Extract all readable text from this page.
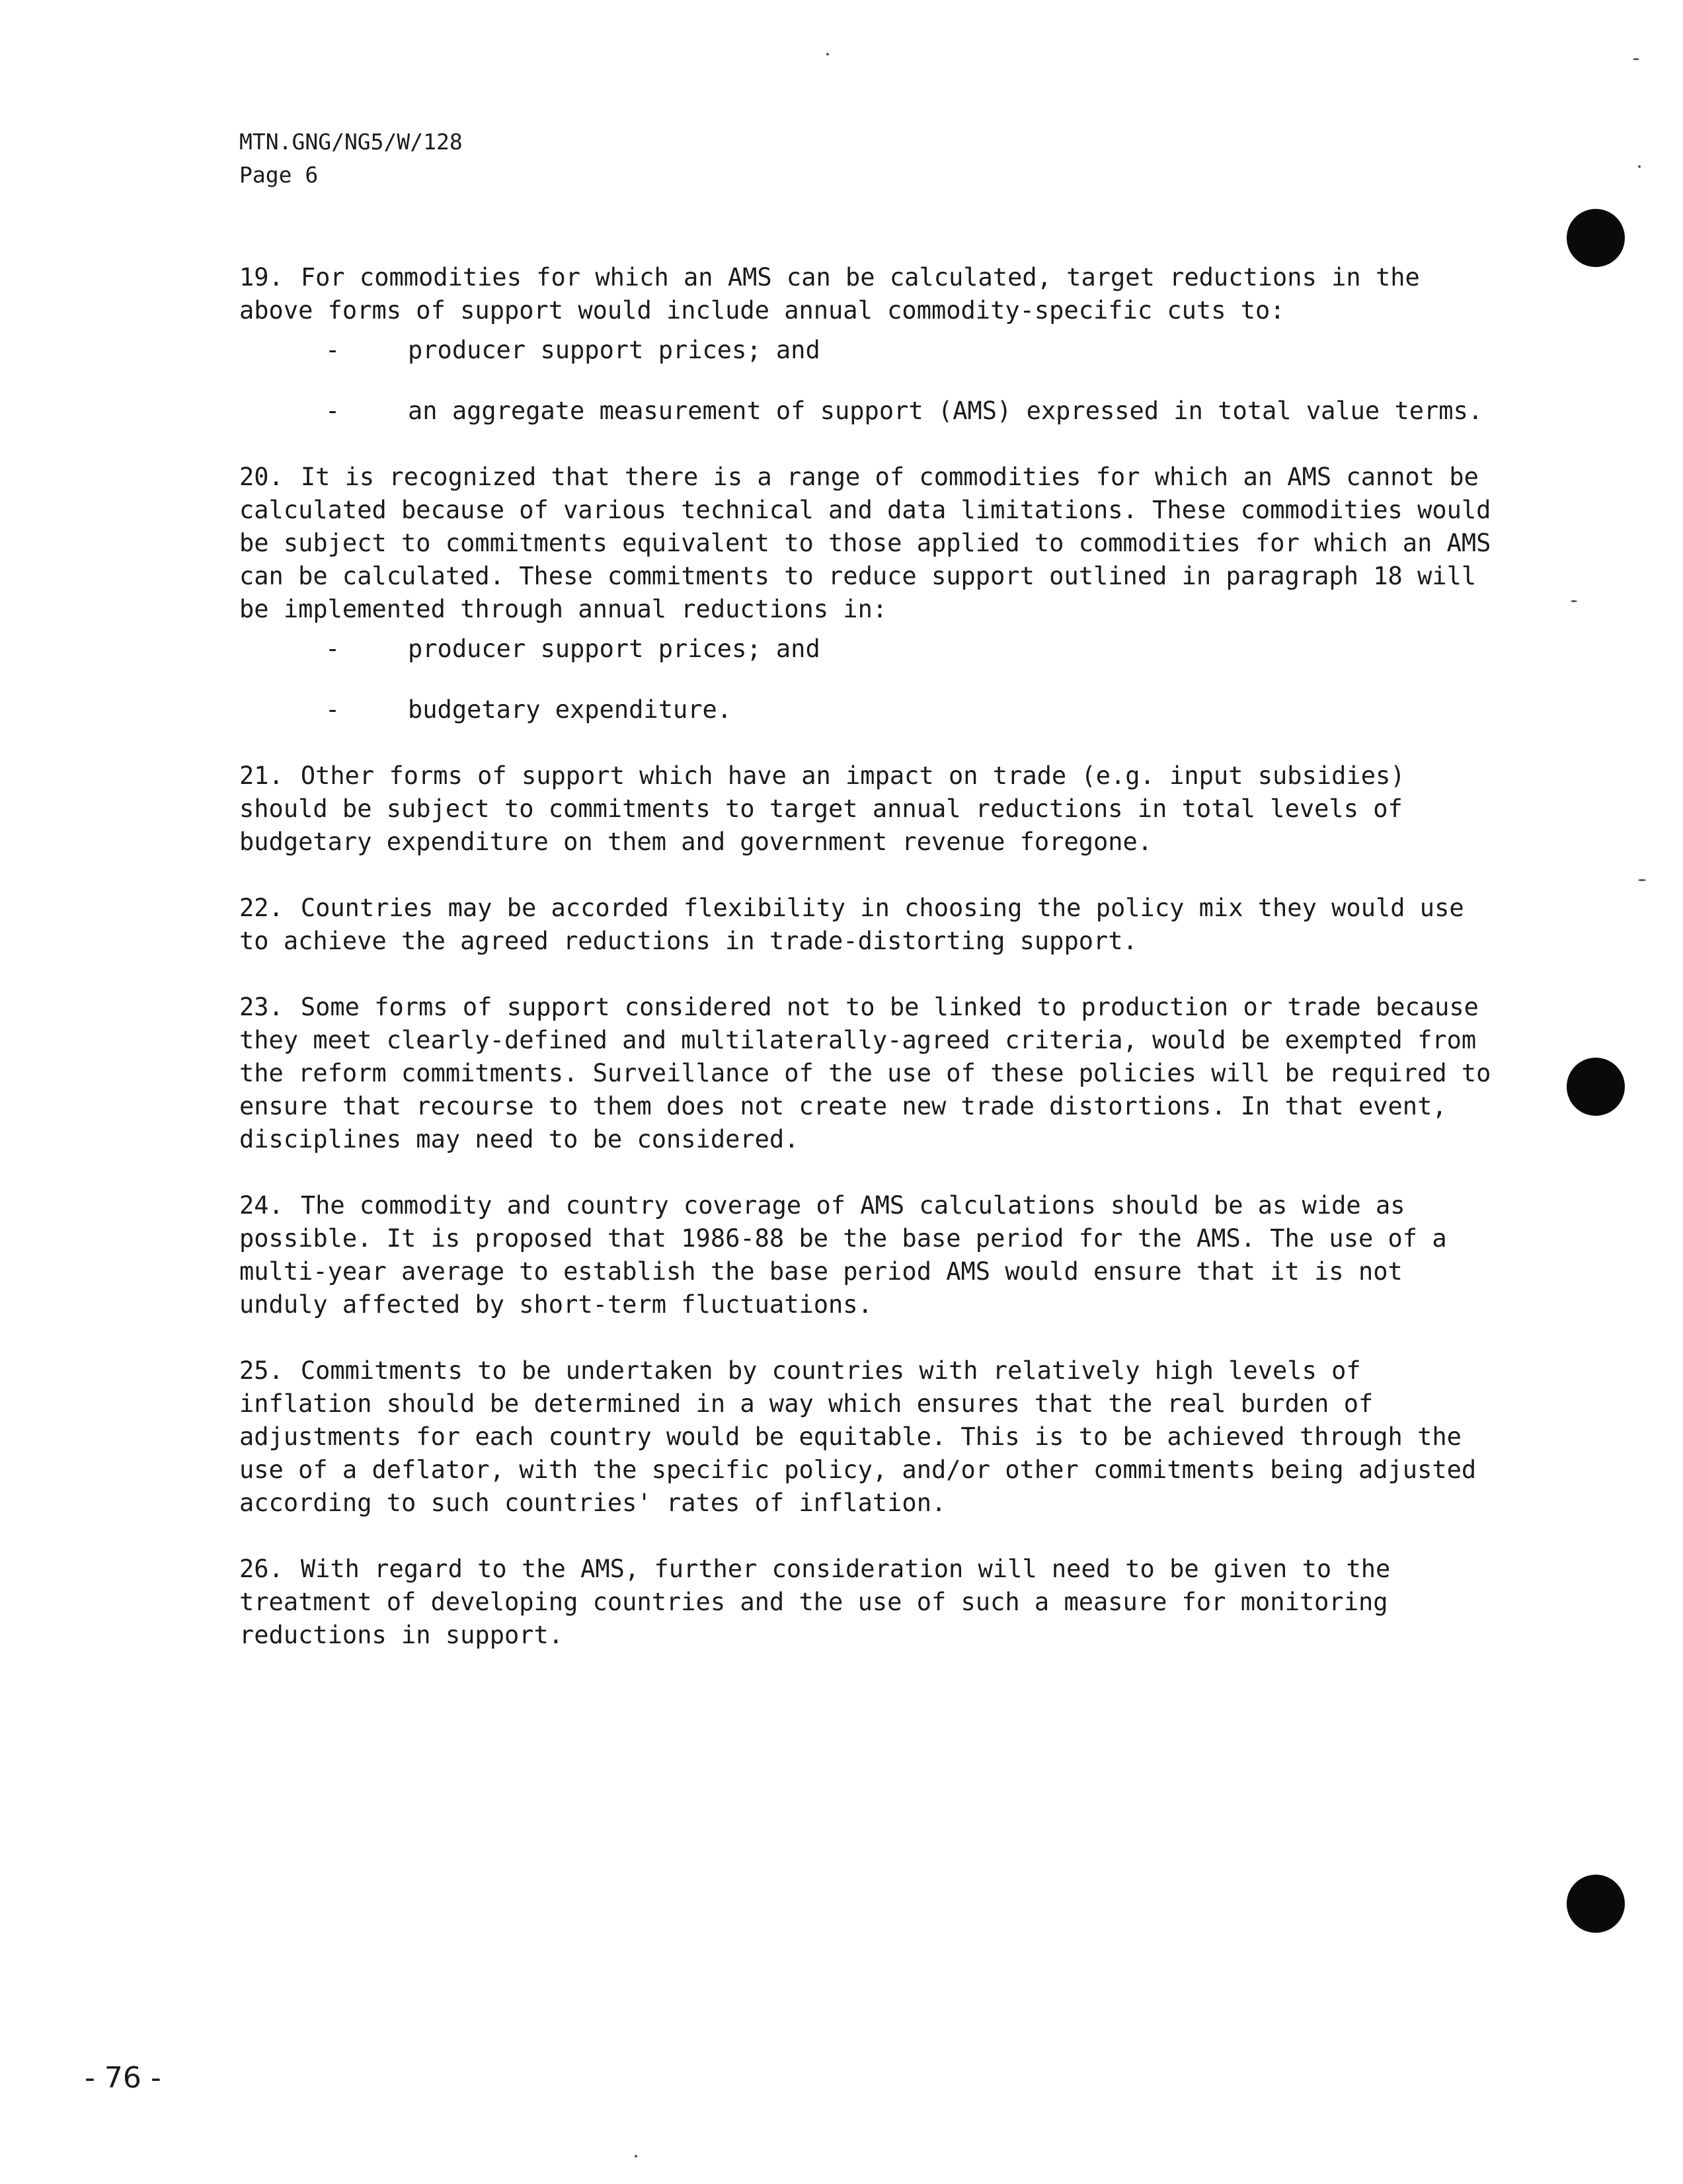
MTN.GNG/NG5/W/128
Page 6
19. For commodities for which an AMS can be calculated, target reductions in the above forms of support would include annual commodity-specific cuts to:
-	producer support prices; and
-	an aggregate measurement of support (AMS) expressed in total value terms.
20. It is recognized that there is a range of commodities for which an AMS cannot be calculated because of various technical and data limitations. These commodities would be subject to commitments equivalent to those applied to commodities for which an AMS can be calculated. These commitments to reduce support outlined in paragraph 18 will be implemented through annual reductions in:
-	producer support prices; and
-	budgetary expenditure.
21. Other forms of support which have an impact on trade (e.g. input subsidies) should be subject to commitments to target annual reductions in total levels of budgetary expenditure on them and government revenue foregone.
22. Countries may be accorded flexibility in choosing the policy mix they would use to achieve the agreed reductions in trade-distorting support.
23. Some forms of support considered not to be linked to production or trade because they meet clearly-defined and multilaterally-agreed criteria, would be exempted from the reform commitments. Surveillance of the use of these policies will be required to ensure that recourse to them does not create new trade distortions. In that event, disciplines may need to be considered.
24. The commodity and country coverage of AMS calculations should be as wide as possible. It is proposed that 1986-88 be the base period for the AMS. The use of a multi-year average to establish the base period AMS would ensure that it is not unduly affected by short-term fluctuations.
25. Commitments to be undertaken by countries with relatively high levels of inflation should be determined in a way which ensures that the real burden of adjustments for each country would be equitable. This is to be achieved through the use of a deflator, with the specific policy, and/or other commitments being adjusted according to such countries' rates of inflation.
26. With regard to the AMS, further consideration will need to be given to the treatment of developing countries and the use of such a measure for monitoring reductions in support.
- 76 -
